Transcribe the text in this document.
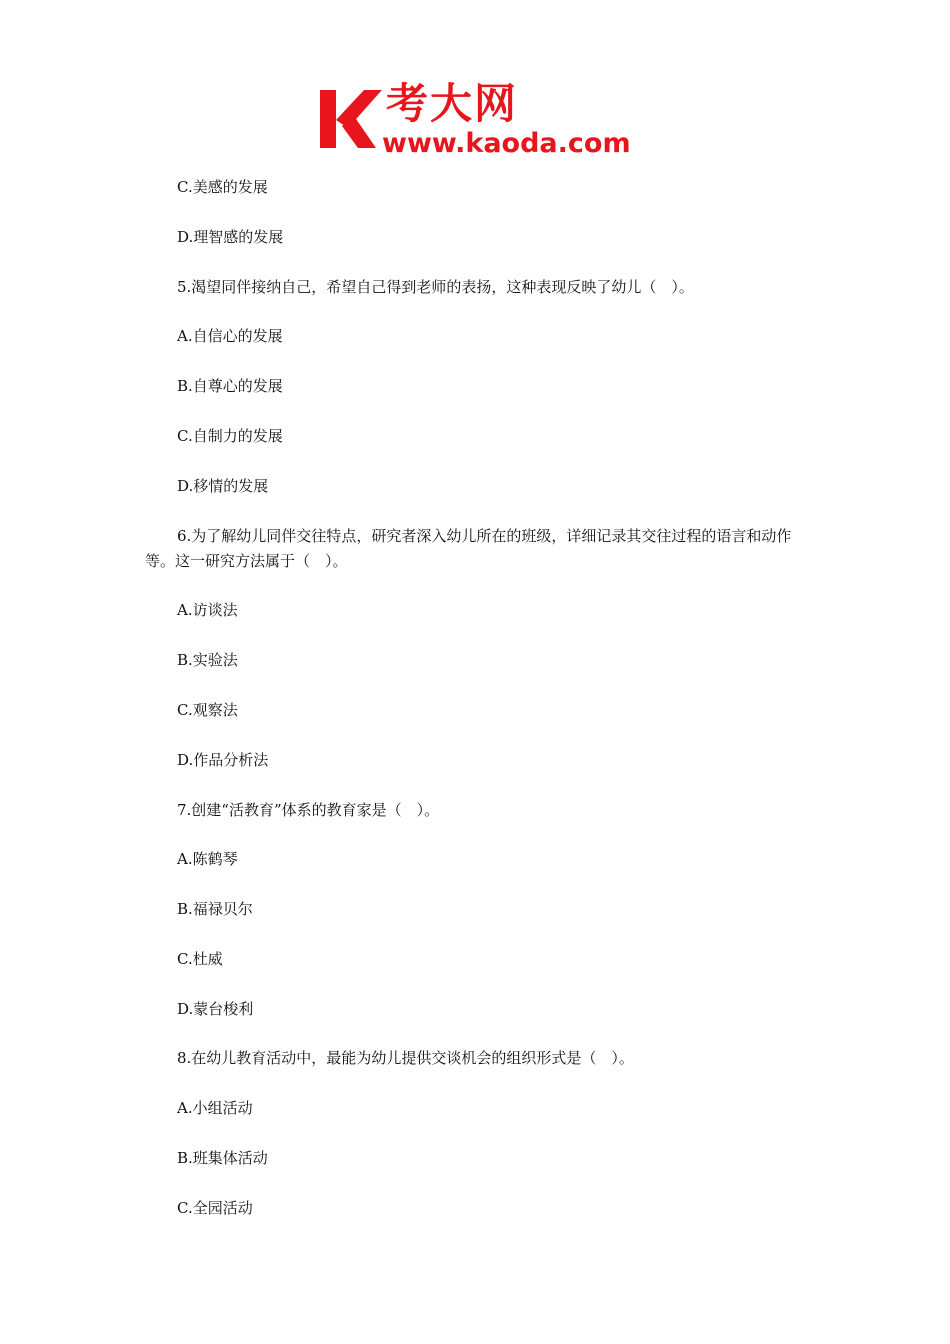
考大网
www.kaoda.com
C.美感的发展
D.理智感的发展
5.渴望同伴接纳自己，希望自己得到老师的表扬，这种表现反映了幼儿（　）。
A.自信心的发展
B.自尊心的发展
C.自制力的发展
D.移情的发展
6.为了解幼儿同伴交往特点，研究者深入幼儿所在的班级，详细记录其交往过程的语言和动作等。这一研究方法属于（　）。
A.访谈法
B.实验法
C.观察法
D.作品分析法
7.创建“活教育”体系的教育家是（　）。
A.陈鹤琴
B.福禄贝尔
C.杜威
D.蒙台梭利
8.在幼儿教育活动中，最能为幼儿提供交谈机会的组织形式是（　）。
A.小组活动
B.班集体活动
C.全园活动
